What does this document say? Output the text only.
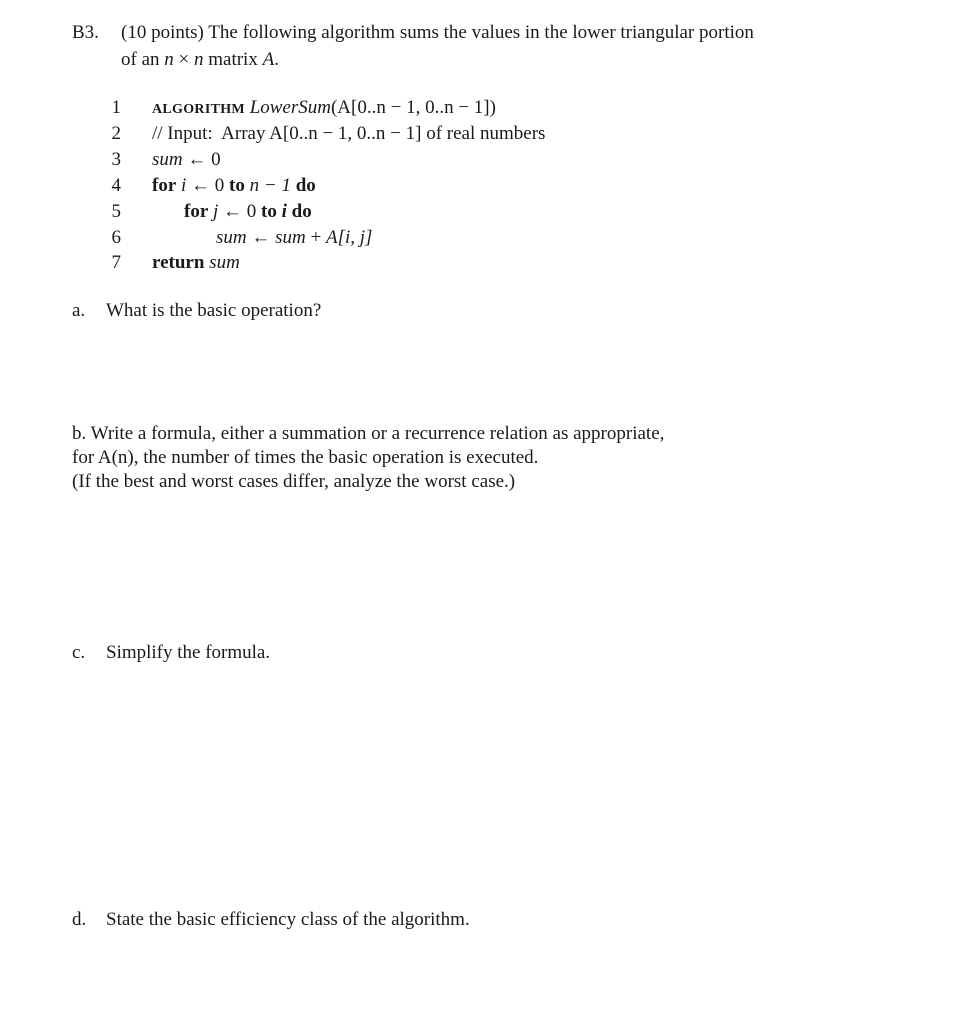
B3. (10 points) The following algorithm sums the values in the lower triangular portion
of an n × n matrix A.
1
2
3
4
5
6
7
ALGORITHM LowerSum(A[0..n − 1, 0..n − 1])
// Input: Array A[0..n − 1, 0..n − 1] of real numbers
sum ← 0
for i ← 0 to n − 1 do
for j ← 0 to i do
sum ← sum + A[i, j]
return sum
a. What is the basic operation?
b. Write a formula, either a summation or a recurrence relation as appropriate,
for A(n), the number of times the basic operation is executed.
(If the best and worst cases differ, analyze the worst case.)
c. Simplify the formula.
d. State the basic efficiency class of the algorithm.
